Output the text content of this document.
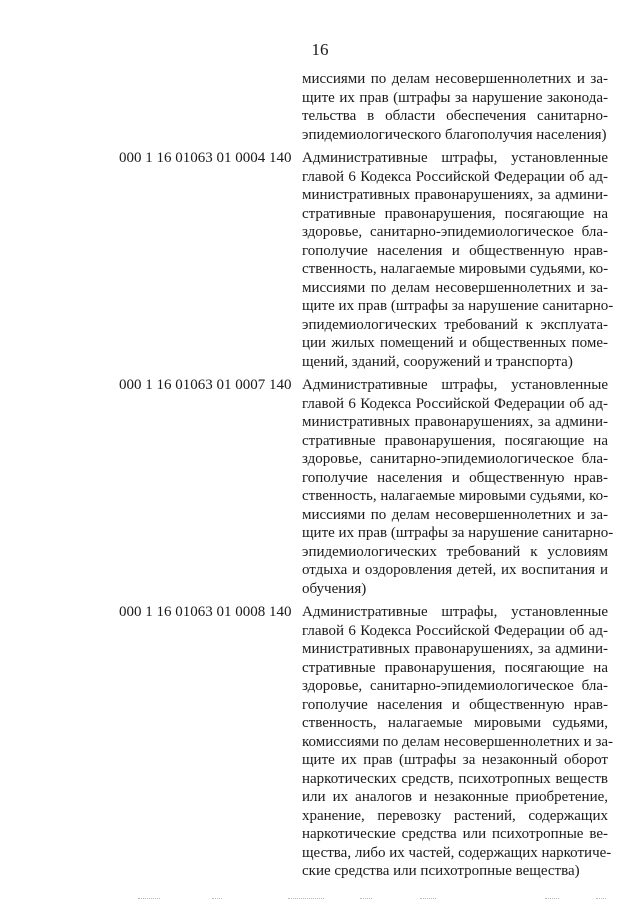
16
миссиями по делам несовершеннолетних и за-
щите их прав (штрафы за нарушение законода-
тельства в области обеспечения санитарно-
эпидемиологического благополучия населения)
000 1 16 01063 01 0004 140 Административные штрафы, установленные
главой 6 Кодекса Российской Федерации об ад-
министративных правонарушениях, за админи-
стративные правонарушения, посягающие на
здоровье, санитарно-эпидемиологическое бла-
гополучие населения и общественную нрав-
ственность, налагаемые мировыми судьями, ко-
миссиями по делам несовершеннолетних и за-
щите их прав (штрафы за нарушение санитарно-
эпидемиологических требований к эксплуата-
ции жилых помещений и общественных поме-
щений, зданий, сооружений и транспорта)
000 1 16 01063 01 0007 140 Административные штрафы, установленные
главой 6 Кодекса Российской Федерации об ад-
министративных правонарушениях, за админи-
стративные правонарушения, посягающие на
здоровье, санитарно-эпидемиологическое бла-
гополучие населения и общественную нрав-
ственность, налагаемые мировыми судьями, ко-
миссиями по делам несовершеннолетних и за-
щите их прав (штрафы за нарушение санитарно-
эпидемиологических требований к условиям
отдыха и оздоровления детей, их воспитания и
обучения)
000 1 16 01063 01 0008 140 Административные штрафы, установленные
главой 6 Кодекса Российской Федерации об ад-
министративных правонарушениях, за админи-
стративные правонарушения, посягающие на
здоровье, санитарно-эпидемиологическое бла-
гополучие населения и общественную нрав-
ственность, налагаемые мировыми судьями,
комиссиями по делам несовершеннолетних и за-
щите их прав (штрафы за незаконный оборот
наркотических средств, психотропных веществ
или их аналогов и незаконные приобретение,
хранение, перевозку растений, содержащих
наркотические средства или психотропные ве-
щества, либо их частей, содержащих наркотиче-
ские средства или психотропные вещества)
